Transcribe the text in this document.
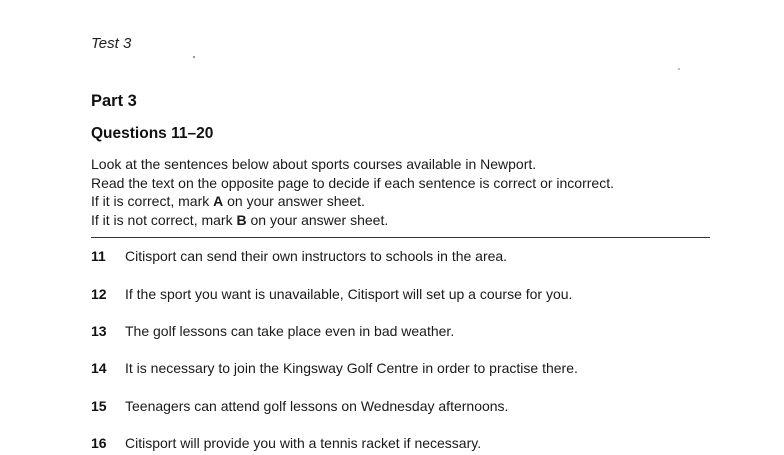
Test 3
Part 3
Questions 11–20
Look at the sentences below about sports courses available in Newport.
Read the text on the opposite page to decide if each sentence is correct or incorrect.
If it is correct, mark A on your answer sheet.
If it is not correct, mark B on your answer sheet.
11	Citisport can send their own instructors to schools in the area.
12	If the sport you want is unavailable, Citisport will set up a course for you.
13	The golf lessons can take place even in bad weather.
14	It is necessary to join the Kingsway Golf Centre in order to practise there.
15	Teenagers can attend golf lessons on Wednesday afternoons.
16	Citisport will provide you with a tennis racket if necessary.
